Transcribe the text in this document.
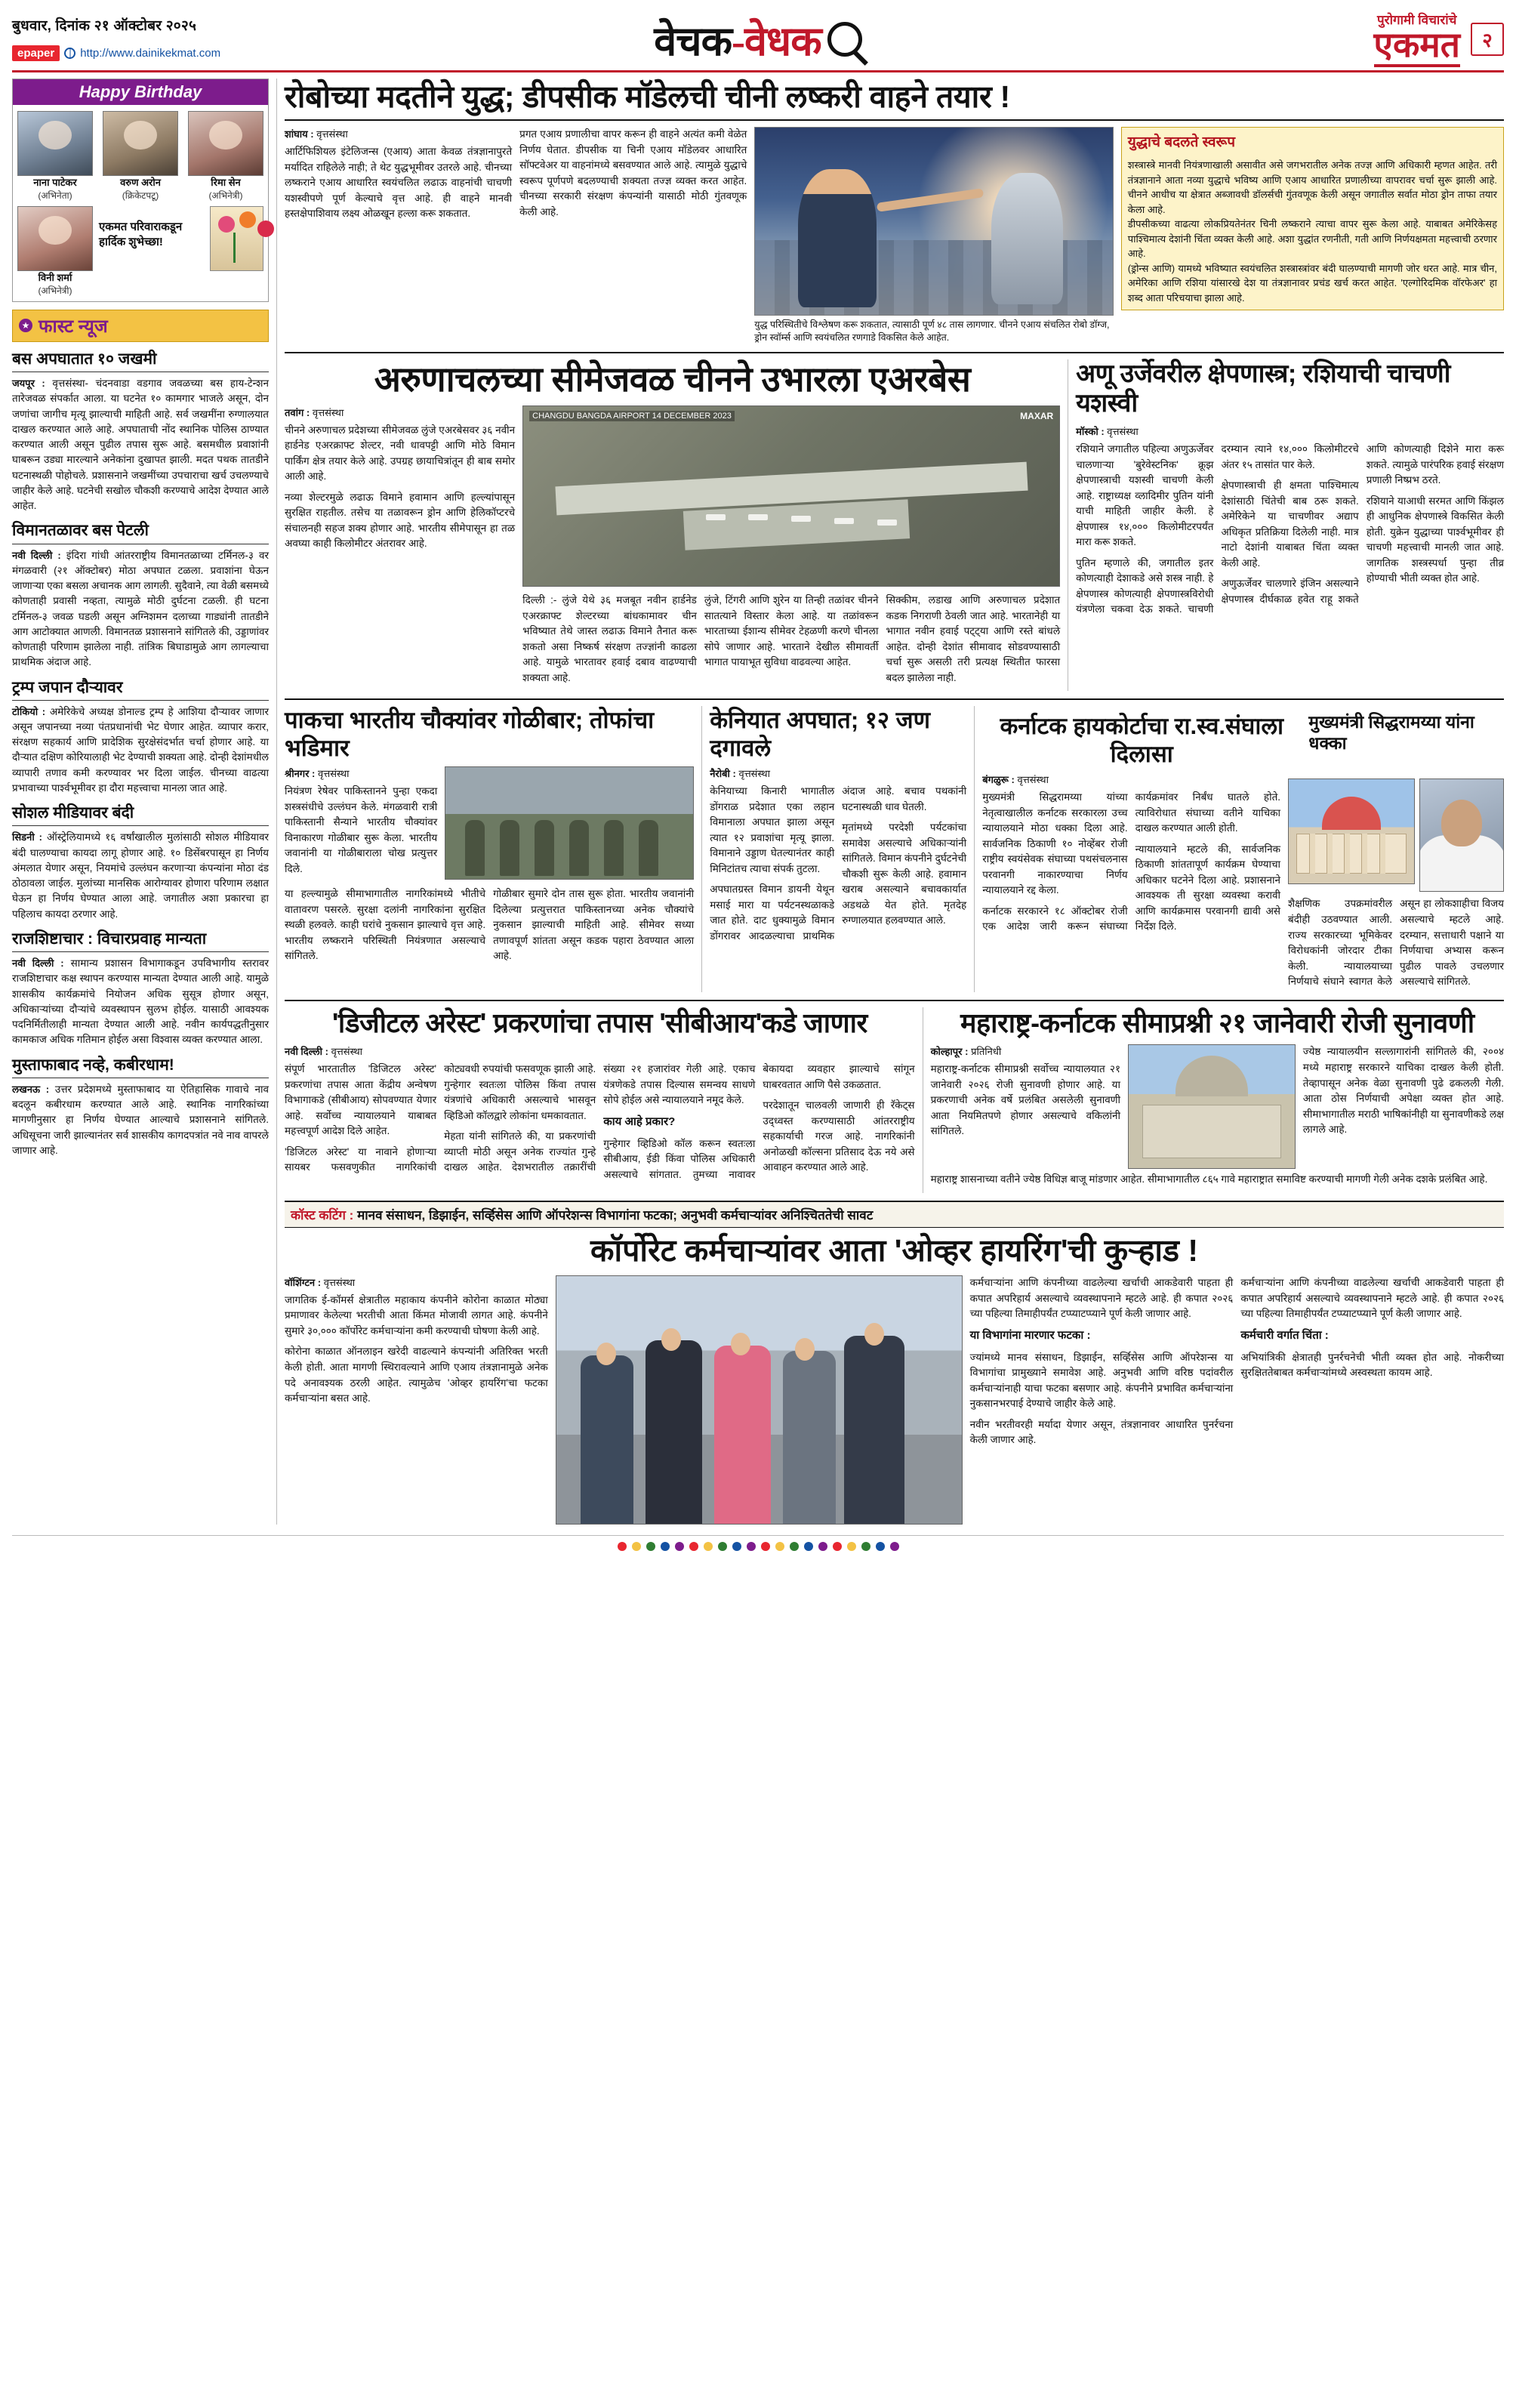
बुधवार, दिनांक २१ ऑक्टोबर २०२५
epaper	http://www.dainikekmat.com	वेचक-वेधक	पुरोगामी विचारांचे
एकमत	२
Happy Birthday
नाना पाटेकर
(अभिनेता)
वरुण अरोन
(क्रिकेटपटू)
रिमा सेन
(अभिनेत्री)
विनी शर्मा
(अभिनेत्री)
एकमत परिवाराकडून हार्दिक शुभेच्छा!
★ फास्ट न्यूज
बस अपघातात १० जखमी
जयपूर : वृत्तसंस्था- चंदनवाडा वडगाव जवळच्या बस हाय-टेन्शन तारेजवळ संपर्कात आला. या घटनेत १० कामगार भाजले असून, दोन जणांचा जागीच मृत्यू झाल्याची माहिती आहे. सर्व जखमींना रुग्णालयात दाखल करण्यात आले आहे. अपघाताची नोंद स्थानिक पोलिस ठाण्यात करण्यात आली असून पुढील तपास सुरू आहे. बसमधील प्रवाशांनी घाबरून उड्या मारल्याने अनेकांना दुखापत झाली. मदत पथक तातडीने घटनास्थळी पोहोचले. प्रशासनाने जखमींच्या उपचाराचा खर्च उचलण्याचे जाहीर केले आहे. घटनेची सखोल चौकशी करण्याचे आदेश देण्यात आले आहेत.
विमानतळावर बस पेटली
नवी दिल्ली : इंदिरा गांधी आंतरराष्ट्रीय विमानतळाच्या टर्मिनल-३ वर मंगळवारी (२१ ऑक्टोबर) मोठा अपघात टळला. प्रवाशांना घेऊन जाणाऱ्या एका बसला अचानक आग लागली. सुदैवाने, त्या वेळी बसमध्ये कोणताही प्रवासी नव्हता, त्यामुळे मोठी दुर्घटना टळली. ही घटना टर्मिनल-३ जवळ घडली असून अग्निशमन दलाच्या गाड्यांनी तातडीने आग आटोक्यात आणली. विमानतळ प्रशासनाने सांगितले की, उड्डाणांवर कोणताही परिणाम झालेला नाही. तांत्रिक बिघाडामुळे आग लागल्याचा प्राथमिक अंदाज आहे.
ट्रम्प जपान दौऱ्यावर
टोकियो : अमेरिकेचे अध्यक्ष डोनाल्ड ट्रम्प हे आशिया दौऱ्यावर जाणार असून जपानच्या नव्या पंतप्रधानांची भेट घेणार आहेत. व्यापार करार, संरक्षण सहकार्य आणि प्रादेशिक सुरक्षेसंदर्भात चर्चा होणार आहे. या दौऱ्यात दक्षिण कोरियालाही भेट देण्याची शक्यता आहे. दोन्ही देशांमधील व्यापारी तणाव कमी करण्यावर भर दिला जाईल. चीनच्या वाढत्या प्रभावाच्या पार्श्वभूमीवर हा दौरा महत्त्वाचा मानला जात आहे.
सोशल मीडियावर बंदी
सिडनी : ऑस्ट्रेलियामध्ये १६ वर्षांखालील मुलांसाठी सोशल मीडियावर बंदी घालण्याचा कायदा लागू होणार आहे. १० डिसेंबरपासून हा निर्णय अंमलात येणार असून, नियमांचे उल्लंघन करणाऱ्या कंपन्यांना मोठा दंड ठोठावला जाईल. मुलांच्या मानसिक आरोग्यावर होणारा परिणाम लक्षात घेऊन हा निर्णय घेण्यात आला आहे. जगातील अशा प्रकारचा हा पहिलाच कायदा ठरणार आहे.
राजशिष्टाचार : विचारप्रवाह मान्यता
नवी दिल्ली : सामान्य प्रशासन विभागाकडून उपविभागीय स्तरावर राजशिष्टाचार कक्ष स्थापन करण्यास मान्यता देण्यात आली आहे. यामुळे शासकीय कार्यक्रमांचे नियोजन अधिक सुसूत्र होणार असून, अधिकाऱ्यांच्या दौऱ्यांचे व्यवस्थापन सुलभ होईल. यासाठी आवश्यक पदनिर्मितीलाही मान्यता देण्यात आली आहे. नवीन कार्यपद्धतीनुसार कामकाज अधिक गतिमान होईल असा विश्वास व्यक्त करण्यात आला.
मुस्ताफाबाद नव्हे, कबीरधाम!
लखनऊ : उत्तर प्रदेशमध्ये मुस्ताफाबाद या ऐतिहासिक गावाचे नाव बदलून कबीरधाम करण्यात आले आहे. स्थानिक नागरिकांच्या मागणीनुसार हा निर्णय घेण्यात आल्याचे प्रशासनाने सांगितले. अधिसूचना जारी झाल्यानंतर सर्व शासकीय कागदपत्रांत नवे नाव वापरले जाणार आहे.
रोबोच्या मदतीने युद्ध; डीपसीक मॉडेलची चीनी लष्करी वाहने तयार !
शांघाय : वृत्तसंस्था

आर्टिफिशियल इंटेलिजन्स (एआय) आता केवळ तंत्रज्ञानापुरते मर्यादित राहिलेले नाही; ते थेट युद्धभूमीवर उतरले आहे. चीनच्या लष्कराने एआय आधारित स्वयंचलित लढाऊ वाहनांची चाचणी यशस्वीपणे पूर्ण केल्याचे वृत्त आहे. ही वाहने मानवी हस्तक्षेपाशिवाय लक्ष्य ओळखून हल्ला करू शकतात.

प्रगत एआय प्रणालीचा वापर करून ही वाहने अत्यंत कमी वेळेत निर्णय घेतात. डीपसीक या चिनी एआय मॉडेलवर आधारित सॉफ्टवेअर या वाहनांमध्ये बसवण्यात आले आहे. त्यामुळे युद्धाचे स्वरूप पूर्णपणे बदलण्याची शक्यता तज्ज्ञ व्यक्त करत आहेत. चीनच्या सरकारी संरक्षण कंपन्यांनी यासाठी मोठी गुंतवणूक केली आहे.

युद्ध परिस्थितीचे विश्लेषण करू शकतात, त्यासाठी पूर्ण ४८ तास लागणार. चीनने एआय संचलित रोबो डॉग्ज, ड्रोन स्वॉर्म्स आणि स्वयंचलित रणगाडे विकसित केले आहेत.
युद्धाचे बदलते स्वरूप

शस्त्रास्त्रे मानवी नियंत्रणाखाली असावीत असे जगभरातील अनेक तज्ज्ञ आणि अधिकारी म्हणत आहेत. तरी तंत्रज्ञानाने आता नव्या युद्धाचे भविष्य आणि एआय आधारित प्रणालीच्या वापरावर चर्चा सुरू झाली आहे. चीनने आधीच या क्षेत्रात अब्जावधी डॉलर्सची गुंतवणूक केली असून जगातील सर्वात मोठा ड्रोन ताफा तयार केला आहे.

डीपसीकच्या वाढत्या लोकप्रियतेनंतर चिनी लष्कराने त्याचा वापर सुरू केला आहे. याबाबत अमेरिकेसह पाश्चिमात्य देशांनी चिंता व्यक्त केली आहे. अशा युद्धांत रणनीती, गती आणि निर्णयक्षमता महत्त्वाची ठरणार आहे.

(ड्रोन्स आणि) यामध्ये भविष्यात स्वयंचलित शस्त्रास्त्रांवर बंदी घालण्याची मागणी जोर धरत आहे. मात्र चीन, अमेरिका आणि रशिया यांसारखे देश या तंत्रज्ञानावर प्रचंड खर्च करत आहेत. 'एल्गोरिदमिक वॉरफेअर' हा शब्द आता परिचयाचा झाला आहे.

अरुणाचलच्या सीमेजवळ चीनने उभारला एअरबेस
तवांग : वृत्तसंस्था

चीनने अरुणाचल प्रदेशच्या सीमेजवळ लुंजे एअरबेसवर ३६ नवीन हार्डनेड एअरक्राफ्ट शेल्टर, नवी धावपट्टी आणि मोठे विमान पार्किंग क्षेत्र तयार केले आहे. उपग्रह छायाचित्रांतून ही बाब समोर आली आहे.

नव्या शेल्टरमुळे लढाऊ विमाने हवामान आणि हल्ल्यांपासून सुरक्षित राहतील. तसेच या तळावरून ड्रोन आणि हेलिकॉप्टरचे संचालनही सहज शक्य होणार आहे. भारतीय सीमेपासून हा तळ अवघ्या काही किलोमीटर अंतरावर आहे.

CHANGDU BANGDA AIRPORT 14 DECEMBER 2023	MAXAR

दिल्ली :- लुंजे येथे ३६ मजबूत नवीन हार्डनेड एअरक्राफ्ट शेल्टरच्या बांधकामावर चीन भविष्यात तेथे जास्त लढाऊ विमाने तैनात करू शकतो असा निष्कर्ष संरक्षण तज्ज्ञांनी काढला आहे. यामुळे भारतावर हवाई दबाव वाढण्याची शक्यता आहे.

लुंजे, टिंगरी आणि शुरेन या तिन्ही तळांवर चीनने सातत्याने विस्तार केला आहे. या तळांवरून भारताच्या ईशान्य सीमेवर टेहळणी करणे चीनला सोपे जाणार आहे. भारताने देखील सीमावर्ती भागात पायाभूत सुविधा वाढवल्या आहेत.

सिक्कीम, लडाख आणि अरुणाचल प्रदेशात कडक निगराणी ठेवली जात आहे. भारतानेही या भागात नवीन हवाई पट्ट्या आणि रस्ते बांधले आहेत. दोन्ही देशांत सीमावाद सोडवण्यासाठी चर्चा सुरू असली तरी प्रत्यक्ष स्थितीत फारसा बदल झालेला नाही.

अणू उर्जेवरील क्षेपणास्त्र; रशियाची चाचणी यशस्वी
मॉस्को : वृत्तसंस्था

रशियाने जगातील पहिल्या अणुऊर्जेवर चालणाऱ्या 'बुरेवेस्टनिक' क्रूझ क्षेपणास्त्राची यशस्वी चाचणी केली आहे. राष्ट्राध्यक्ष व्लादिमीर पुतिन यांनी याची माहिती जाहीर केली. हे क्षेपणास्त्र १४,००० किलोमीटरपर्यंत मारा करू शकते.

पुतिन म्हणाले की, जगातील इतर कोणत्याही देशाकडे असे शस्त्र नाही. हे क्षेपणास्त्र कोणत्याही क्षेपणास्त्रविरोधी यंत्रणेला चकवा देऊ शकते. चाचणी दरम्यान त्याने १४,००० किलोमीटरचे अंतर १५ तासांत पार केले.

क्षेपणास्त्राची ही क्षमता पाश्चिमात्य देशांसाठी चिंतेची बाब ठरू शकते. अमेरिकेने या चाचणीवर अद्याप अधिकृत प्रतिक्रिया दिलेली नाही. मात्र नाटो देशांनी याबाबत चिंता व्यक्त केली आहे.

अणुऊर्जेवर चालणारे इंजिन असल्याने क्षेपणास्त्र दीर्घकाळ हवेत राहू शकते आणि कोणत्याही दिशेने मारा करू शकते. त्यामुळे पारंपरिक हवाई संरक्षण प्रणाली निष्प्रभ ठरते.

रशियाने याआधी सरमत आणि किंझल ही आधुनिक क्षेपणास्त्रे विकसित केली होती. युक्रेन युद्धाच्या पार्श्वभूमीवर ही चाचणी महत्त्वाची मानली जात आहे. जागतिक शस्त्रस्पर्धा पुन्हा तीव्र होण्याची भीती व्यक्त होत आहे.

पाकचा भारतीय चौक्यांवर गोळीबार; तोफांचा भडिमार
श्रीनगर : वृत्तसंस्था

नियंत्रण रेषेवर पाकिस्तानने पुन्हा एकदा शस्त्रसंधीचे उल्लंघन केले. मंगळवारी रात्री पाकिस्तानी सैन्याने भारतीय चौक्यांवर विनाकारण गोळीबार सुरू केला. भारतीय जवानांनी या गोळीबाराला चोख प्रत्युत्तर दिले.

या हल्ल्यामुळे सीमाभागातील नागरिकांमध्ये भीतीचे वातावरण पसरले. सुरक्षा दलांनी नागरिकांना सुरक्षित स्थळी हलवले. काही घरांचे नुकसान झाल्याचे वृत्त आहे. भारतीय लष्कराने परिस्थिती नियंत्रणात असल्याचे सांगितले.

गोळीबार सुमारे दोन तास सुरू होता. भारतीय जवानांनी दिलेल्या प्रत्युत्तरात पाकिस्तानच्या अनेक चौक्यांचे नुकसान झाल्याची माहिती आहे. सीमेवर सध्या तणावपूर्ण शांतता असून कडक पहारा ठेवण्यात आला आहे.

केनियात अपघात; १२ जण दगावले
नैरोबी : वृत्तसंस्था

केनियाच्या किनारी भागातील डोंगराळ प्रदेशात एका लहान विमानाला अपघात झाला असून त्यात १२ प्रवाशांचा मृत्यू झाला. विमानाने उड्डाण घेतल्यानंतर काही मिनिटांतच त्याचा संपर्क तुटला.

अपघातग्रस्त विमान डायनी येथून मसाई मारा या पर्यटनस्थळाकडे जात होते. दाट धुक्यामुळे विमान डोंगरावर आदळल्याचा प्राथमिक अंदाज आहे. बचाव पथकांनी घटनास्थळी धाव घेतली.

मृतांमध्ये परदेशी पर्यटकांचा समावेश असल्याचे अधिकाऱ्यांनी सांगितले. विमान कंपनीने दुर्घटनेची चौकशी सुरू केली आहे. हवामान खराब असल्याने बचावकार्यात अडथळे येत होते. मृतदेह रुग्णालयात हलवण्यात आले.

कर्नाटक हायकोर्टाचा रा.स्व.संघाला दिलासा
मुख्यमंत्री सिद्धरामय्या यांना धक्का
बंगळुरू : वृत्तसंस्था

मुख्यमंत्री सिद्धरामय्या यांच्या नेतृत्वाखालील कर्नाटक सरकारला उच्च न्यायालयाने मोठा धक्का दिला आहे. सार्वजनिक ठिकाणी १० नोव्हेंबर रोजी राष्ट्रीय स्वयंसेवक संघाच्या पथसंचलनास परवानगी नाकारण्याचा निर्णय न्यायालयाने रद्द केला.

कर्नाटक सरकारने १८ ऑक्टोबर रोजी एक आदेश जारी करून संघाच्या कार्यक्रमांवर निर्बंध घातले होते. त्याविरोधात संघाच्या वतीने याचिका दाखल करण्यात आली होती.

न्यायालयाने म्हटले की, सार्वजनिक ठिकाणी शांततापूर्ण कार्यक्रम घेण्याचा अधिकार घटनेने दिला आहे. प्रशासनाने आवश्यक ती सुरक्षा व्यवस्था करावी आणि कार्यक्रमास परवानगी द्यावी असे निर्देश दिले.

शैक्षणिक उपक्रमांवरील बंदीही उठवण्यात आली. राज्य सरकारच्या भूमिकेवर विरोधकांनी जोरदार टीका केली. न्यायालयाच्या निर्णयाचे संघाने स्वागत केले असून हा लोकशाहीचा विजय असल्याचे म्हटले आहे. दरम्यान, सत्ताधारी पक्षाने या निर्णयाचा अभ्यास करून पुढील पावले उचलणार असल्याचे सांगितले.

'डिजीटल अरेस्ट' प्रकरणांचा तपास 'सीबीआय'कडे जाणार
नवी दिल्ली : वृत्तसंस्था

संपूर्ण भारतातील 'डिजिटल अरेस्ट' प्रकरणांचा तपास आता केंद्रीय अन्वेषण विभागाकडे (सीबीआय) सोपवण्यात येणार आहे. सर्वोच्च न्यायालयाने याबाबत महत्त्वपूर्ण आदेश दिले आहेत.

'डिजिटल अरेस्ट' या नावाने होणाऱ्या सायबर फसवणुकीत नागरिकांची कोट्यवधी रुपयांची फसवणूक झाली आहे. गुन्हेगार स्वतःला पोलिस किंवा तपास यंत्रणांचे अधिकारी असल्याचे भासवून व्हिडिओ कॉलद्वारे लोकांना धमकावतात.

मेहता यांनी सांगितले की, या प्रकरणांची व्याप्ती मोठी असून अनेक राज्यांत गुन्हे दाखल आहेत. देशभरातील तक्रारींची संख्या २१ हजारांवर गेली आहे. एकाच यंत्रणेकडे तपास दिल्यास समन्वय साधणे सोपे होईल असे न्यायालयाने नमूद केले.

काय आहे प्रकार?

गुन्हेगार व्हिडिओ कॉल करून स्वतःला सीबीआय, ईडी किंवा पोलिस अधिकारी असल्याचे सांगतात. तुमच्या नावावर बेकायदा व्यवहार झाल्याचे सांगून घाबरवतात आणि पैसे उकळतात.

परदेशातून चालवली जाणारी ही रॅकेट्स उद्ध्वस्त करण्यासाठी आंतरराष्ट्रीय सहकार्याची गरज आहे. नागरिकांनी अनोळखी कॉल्सना प्रतिसाद देऊ नये असे आवाहन करण्यात आले आहे.

महाराष्ट्र-कर्नाटक सीमाप्रश्नी २१ जानेवारी रोजी सुनावणी
कोल्हापूर : प्रतिनिधी

महाराष्ट्र-कर्नाटक सीमाप्रश्नी सर्वोच्च न्यायालयात २१ जानेवारी २०२६ रोजी सुनावणी होणार आहे. या प्रकरणाची अनेक वर्षे प्रलंबित असलेली सुनावणी आता नियमितपणे होणार असल्याचे वकिलांनी सांगितले.

ज्येष्ठ न्यायालयीन सल्लागारांनी सांगितले की, २००४ मध्ये महाराष्ट्र सरकारने याचिका दाखल केली होती. तेव्हापासून अनेक वेळा सुनावणी पुढे ढकलली गेली. आता ठोस निर्णयाची अपेक्षा व्यक्त होत आहे. सीमाभागातील मराठी भाषिकांनीही या सुनावणीकडे लक्ष लागले आहे.

महाराष्ट्र शासनाच्या वतीने ज्येष्ठ विधिज्ञ बाजू मांडणार आहेत. सीमाभागातील ८६५ गावे महाराष्ट्रात समाविष्ट करण्याची मागणी गेली अनेक दशके प्रलंबित आहे.

कॉस्ट कटिंग : मानव संसाधन, डिझाईन, सर्व्हिसेस आणि ऑपरेशन्स विभागांना फटका; अनुभवी कर्मचाऱ्यांवर अनिश्चिततेची सावट
कॉर्पोरेट कर्मचाऱ्यांवर आता 'ओव्हर हायरिंग'ची कुऱ्हाड !
वॉशिंग्टन : वृत्तसंस्था

जागतिक ई-कॉमर्स क्षेत्रातील महाकाय कंपनीने कोरोना काळात मोठ्या प्रमाणावर केलेल्या भरतीची आता किंमत मोजावी लागत आहे. कंपनीने सुमारे ३०,००० कॉर्पोरेट कर्मचाऱ्यांना कमी करण्याची घोषणा केली आहे.

कोरोना काळात ऑनलाइन खरेदी वाढल्याने कंपन्यांनी अतिरिक्त भरती केली होती. आता मागणी स्थिरावल्याने आणि एआय तंत्रज्ञानामुळे अनेक पदे अनावश्यक ठरली आहेत. त्यामुळेच 'ओव्हर हायरिंग'चा फटका कर्मचाऱ्यांना बसत आहे.

कर्मचाऱ्यांना आणि कंपनीच्या वाढलेल्या खर्चाची आकडेवारी पाहता ही कपात अपरिहार्य असल्याचे व्यवस्थापनाने म्हटले आहे. ही कपात २०२६ च्या पहिल्या तिमाहीपर्यंत टप्प्याटप्प्याने पूर्ण केली जाणार आहे.

या विभागांना मारणार फटका :

ज्यांमध्ये मानव संसाधन, डिझाईन, सर्व्हिसेस आणि ऑपरेशन्स या विभागांचा प्रामुख्याने समावेश आहे. अनुभवी आणि वरिष्ठ पदांवरील कर्मचाऱ्यांनाही याचा फटका बसणार आहे. कंपनीने प्रभावित कर्मचाऱ्यांना नुकसानभरपाई देण्याचे जाहीर केले आहे.

नवीन भरतीवरही मर्यादा येणार असून, तंत्रज्ञानावर आधारित पुनर्रचना केली जाणार आहे.

कर्मचाऱ्यांना आणि कंपनीच्या वाढलेल्या खर्चाची आकडेवारी पाहता ही कपात अपरिहार्य असल्याचे व्यवस्थापनाने म्हटले आहे. ही कपात २०२६ च्या पहिल्या तिमाहीपर्यंत टप्प्याटप्प्याने पूर्ण केली जाणार आहे.

कर्मचारी वर्गात चिंता :

अभियांत्रिकी क्षेत्रातही पुनर्रचनेची भीती व्यक्त होत आहे. नोकरीच्या सुरक्षिततेबाबत कर्मचाऱ्यांमध्ये अस्वस्थता कायम आहे.
